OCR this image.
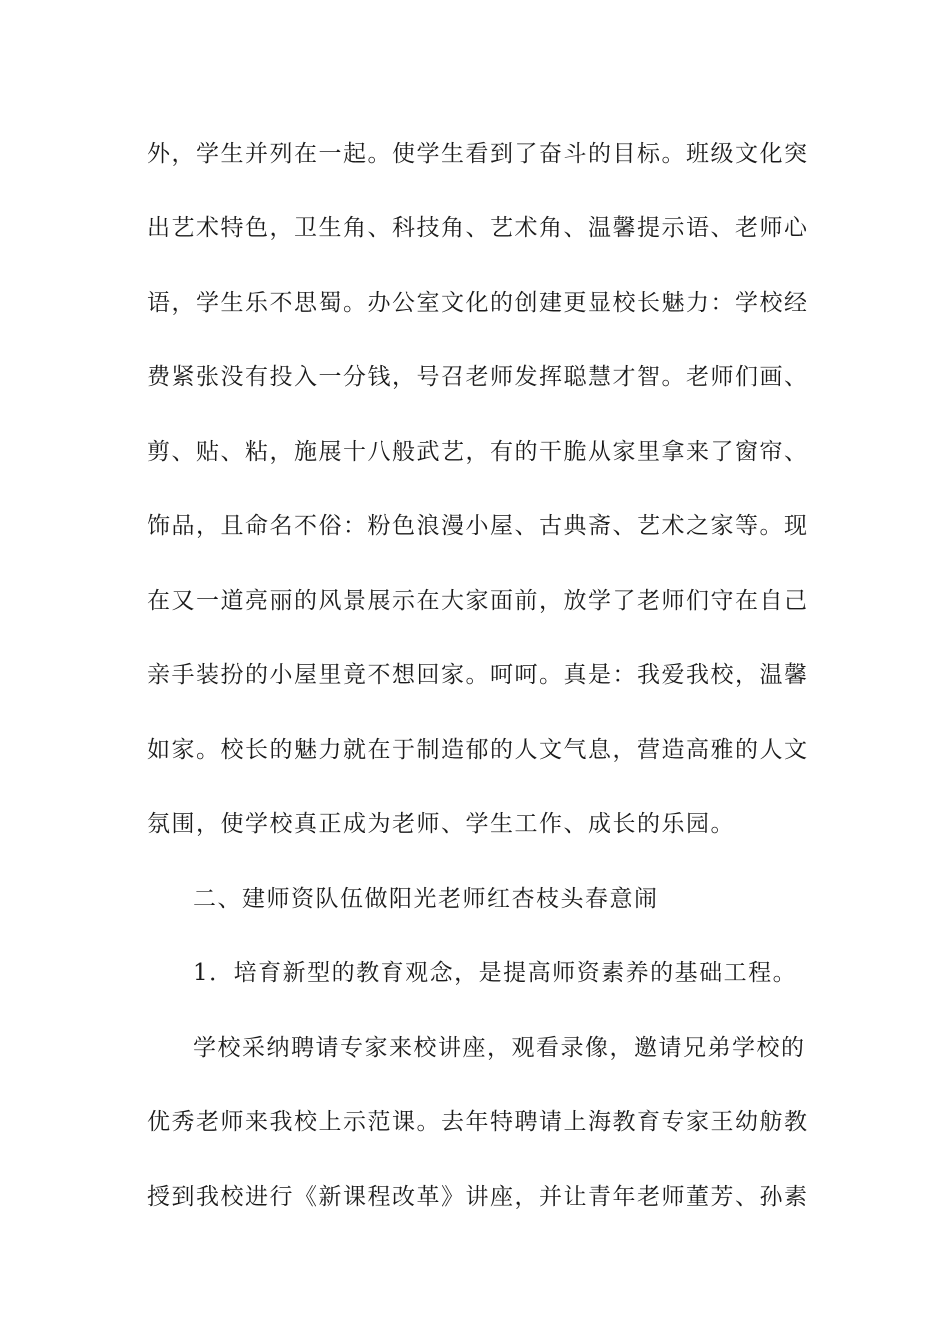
外，学生并列在一起。使学生看到了奋斗的目标。班级文化突
出艺术特色，卫生角、科技角、艺术角、温馨提示语、老师心
语，学生乐不思蜀。办公室文化的创建更显校长魅力：学校经
费紧张没有投入一分钱，号召老师发挥聪慧才智。老师们画、
剪、贴、粘，施展十八般武艺，有的干脆从家里拿来了窗帘、
饰品，且命名不俗：粉色浪漫小屋、古典斋、艺术之家等。现
在又一道亮丽的风景展示在大家面前，放学了老师们守在自己
亲手装扮的小屋里竟不想回家。呵呵。真是：我爱我校，温馨
如家。校长的魅力就在于制造郁的人文气息，营造高雅的人文
氛围，使学校真正成为老师、学生工作、成长的乐园。
二、建师资队伍做阳光老师红杏枝头春意闹
1．培育新型的教育观念，是提高师资素养的基础工程。
学校采纳聘请专家来校讲座，观看录像，邀请兄弟学校的
优秀老师来我校上示范课。去年特聘请上海教育专家王幼舫教
授到我校进行《新课程改革》讲座，并让青年老师董芳、孙素
